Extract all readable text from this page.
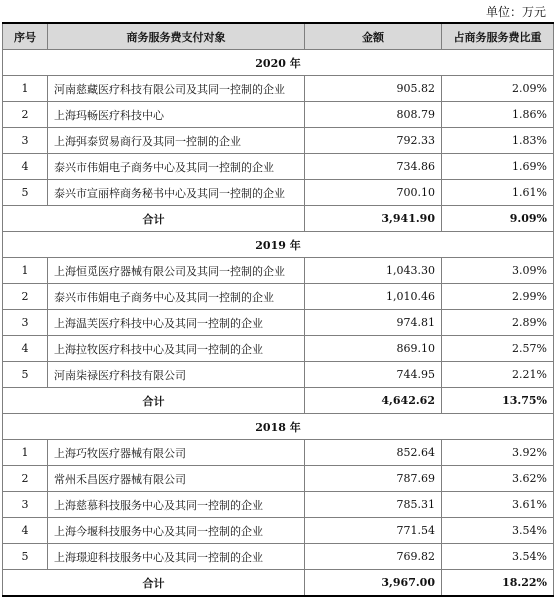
单位：万元
序号	商务服务费支付对象	金额	占商务服务费比重
2020 年			
1	河南慈藏医疗科技有限公司及其同一控制的企业	905.82	2.09%
2	上海玛畅医疗科技中心	808.79	1.86%
3	上海弭泰贸易商行及其同一控制的企业	792.33	1.83%
4	泰兴市伟娟电子商务中心及其同一控制的企业	734.86	1.69%
5	泰兴市宣丽梓商务秘书中心及其同一控制的企业	700.10	1.61%
合计		3,941.90	9.09%
2019 年			
1	上海恒觅医疗器械有限公司及其同一控制的企业	1,043.30	3.09%
2	泰兴市伟娟电子商务中心及其同一控制的企业	1,010.46	2.99%
3	上海温芙医疗科技中心及其同一控制的企业	974.81	2.89%
4	上海拉牧医疗科技中心及其同一控制的企业	869.10	2.57%
5	河南柒禄医疗科技有限公司	744.95	2.21%
合计		4,642.62	13.75%
2018 年			
1	上海巧牧医疗器械有限公司	852.64	3.92%
2	常州禾昌医疗器械有限公司	787.69	3.62%
3	上海慈慕科技服务中心及其同一控制的企业	785.31	3.61%
4	上海今堰科技服务中心及其同一控制的企业	771.54	3.54%
5	上海璟迎科技服务中心及其同一控制的企业	769.82	3.54%
合计		3,967.00	18.22%
